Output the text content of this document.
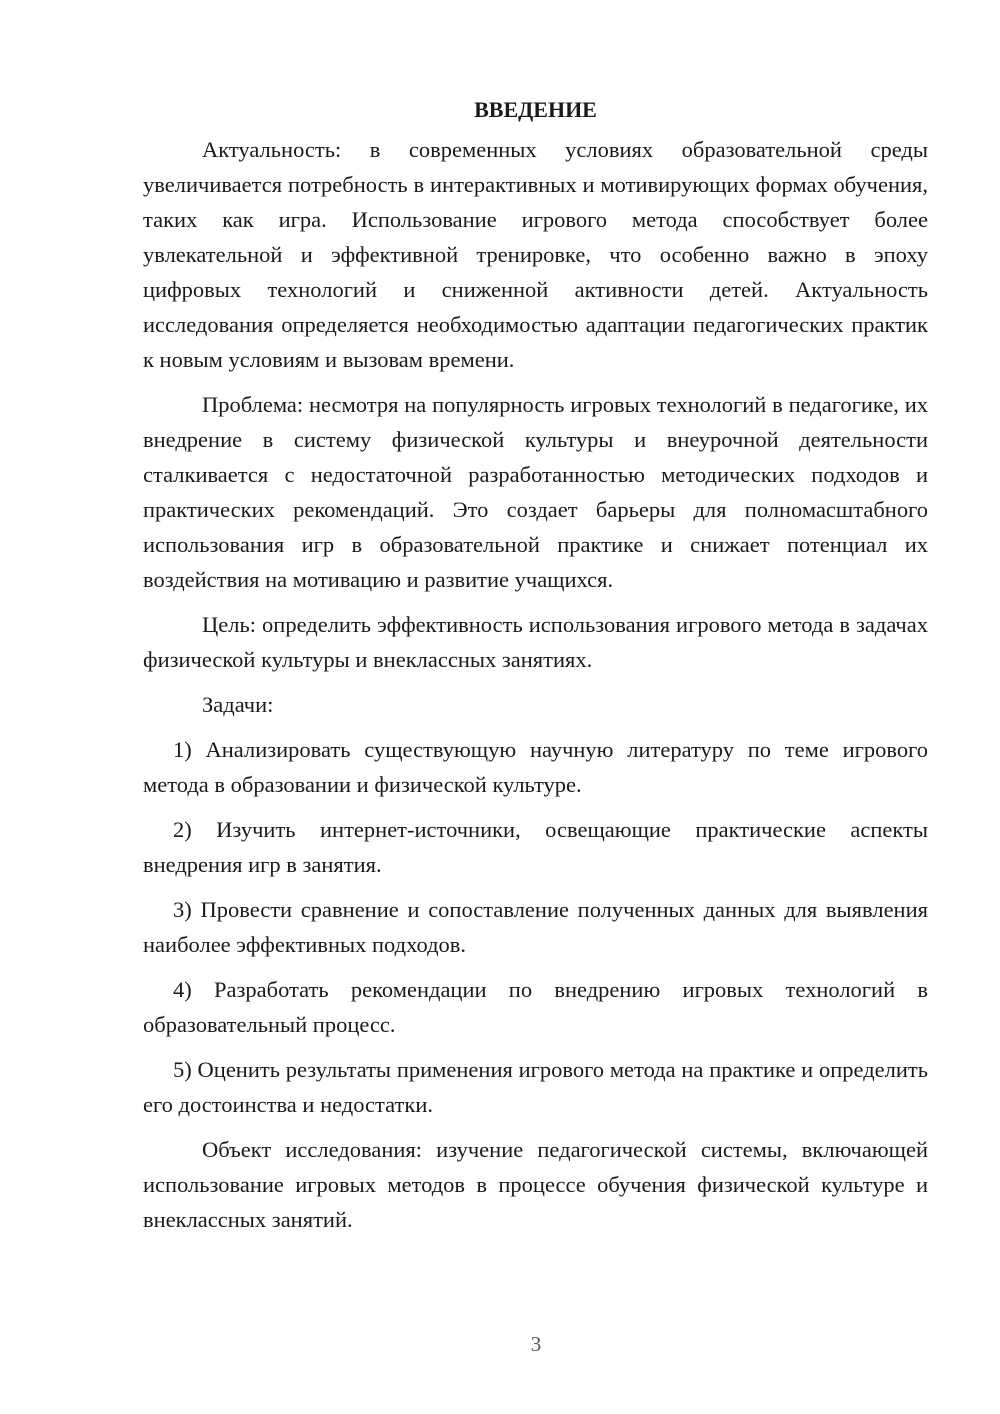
ВВЕДЕНИЕ

Актуальность: в современных условиях образовательной среды увеличивается потребность в интерактивных и мотивирующих формах обучения, таких как игра. Использование игрового метода способствует более увлекательной и эффективной тренировке, что особенно важно в эпоху цифровых технологий и сниженной активности детей. Актуальность исследования определяется необходимостью адаптации педагогических практик к новым условиям и вызовам времени.

Проблема: несмотря на популярность игровых технологий в педагогике, их внедрение в систему физической культуры и внеурочной деятельности сталкивается с недостаточной разработанностью методических подходов и практических рекомендаций. Это создает барьеры для полномасштабного использования игр в образовательной практике и снижает потенциал их воздействия на мотивацию и развитие учащихся.

Цель: определить эффективность использования игрового метода в задачах физической культуры и внеклассных занятиях.

Задачи:

1) Анализировать существующую научную литературу по теме игрового метода в образовании и физической культуре.

2) Изучить интернет-источники, освещающие практические аспекты внедрения игр в занятия.

3) Провести сравнение и сопоставление полученных данных для выявления наиболее эффективных подходов.

4) Разработать рекомендации по внедрению игровых технологий в образовательный процесс.

5) Оценить результаты применения игрового метода на практике и определить его достоинства и недостатки.

Объект исследования: изучение педагогической системы, включающей использование игровых методов в процессе обучения физической культуре и внеклассных занятий.

3
